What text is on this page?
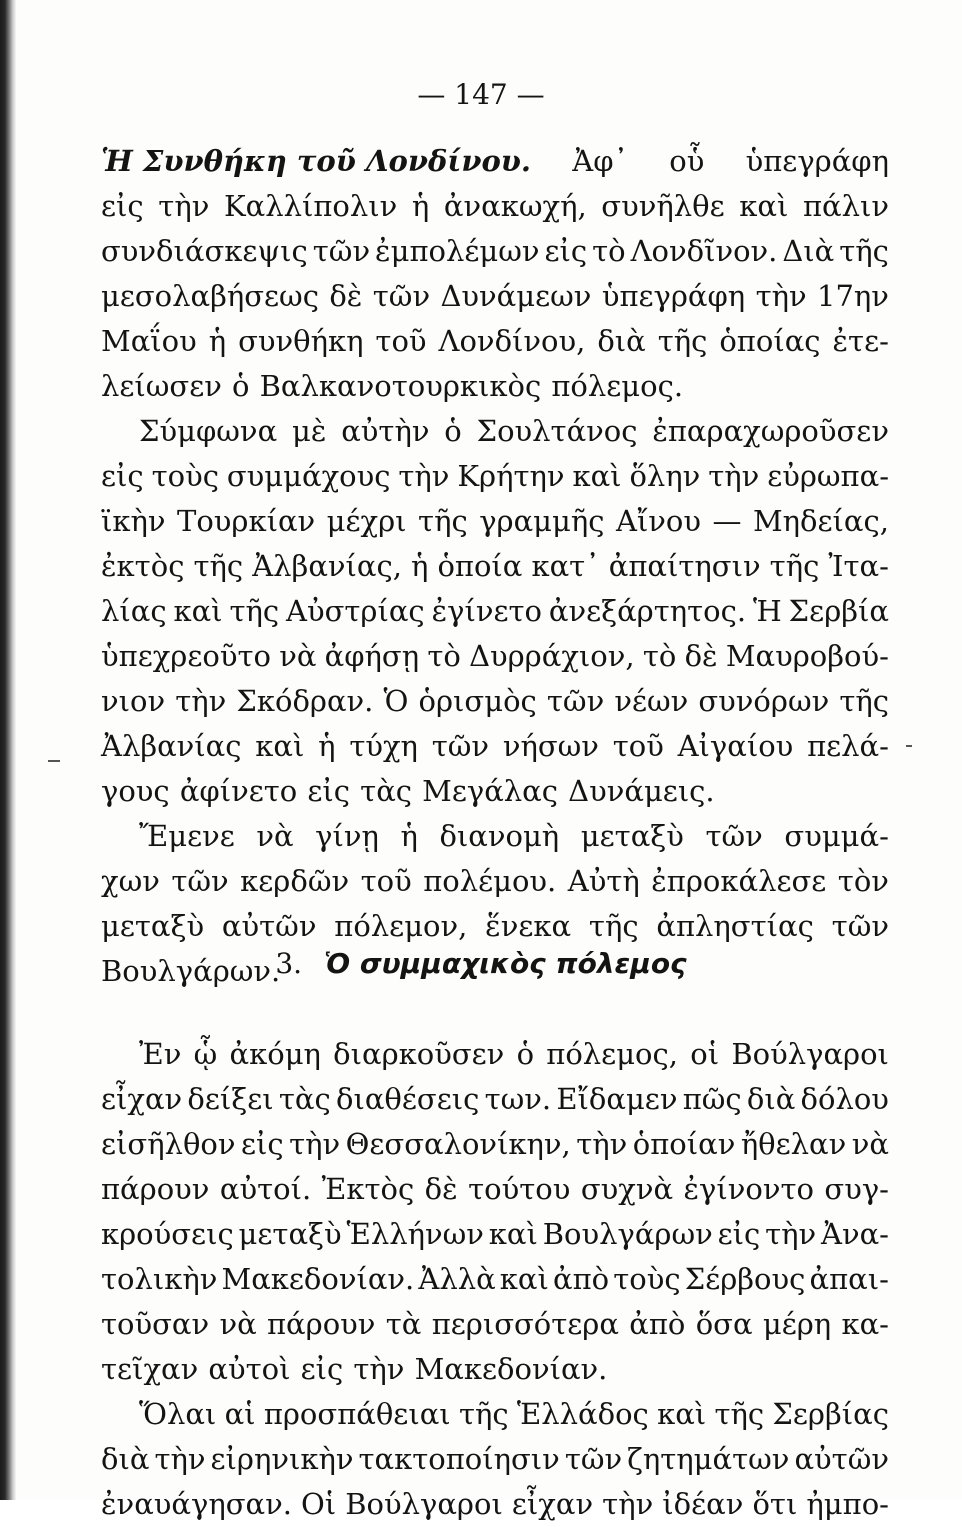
— 147 —
Ἡ Συνθήκη τοῦ Λονδίνου. Ἀφ᾽ οὗ ὑπεγράφη
εἰς τὴν Καλλίπολιν ἡ ἀνακωχή, συνῆλθε καὶ πάλιν
συνδιάσκεψις τῶν ἐμπολέμων εἰς τὸ Λονδῖνον. Διὰ τῆς
μεσολαβήσεως δὲ τῶν Δυνάμεων ὑπεγράφη τὴν 17ην
Μαΐου ἡ συνθήκη τοῦ Λονδίνου, διὰ τῆς ὁποίας ἐτε-
λείωσεν ὁ Βαλκανοτουρκικὸς πόλεμος.
Σύμφωνα μὲ αὐτὴν ὁ Σουλτάνος ἐπαραχωροῦσεν
εἰς τοὺς συμμάχους τὴν Κρήτην καὶ ὅλην τὴν εὐρωπα-
ϊκὴν Τουρκίαν μέχρι τῆς γραμμῆς Αἴνου — Μηδείας,
ἐκτὸς τῆς Ἀλβανίας, ἡ ὁποία κατ᾽ ἀπαίτησιν τῆς Ἰτα-
λίας καὶ τῆς Αὐστρίας ἐγίνετο ἀνεξάρτητος. Ἡ Σερβία
ὑπεχρεοῦτο νὰ ἀφήσῃ τὸ Δυρράχιον, τὸ δὲ Μαυροβού-
νιον τὴν Σκόδραν. Ὁ ὁρισμὸς τῶν νέων συνόρων τῆς
Ἀλβανίας καὶ ἡ τύχη τῶν νήσων τοῦ Αἰγαίου πελά-
γους ἀφίνετο εἰς τὰς Μεγάλας Δυνάμεις.
Ἔμενε νὰ γίνῃ ἡ διανομὴ μεταξὺ τῶν συμμά-
χων τῶν κερδῶν τοῦ πολέμου. Αὐτὴ ἐπροκάλεσε τὸν
μεταξὺ αὐτῶν πόλεμον, ἕνεκα τῆς ἀπληστίας τῶν
Βουλγάρων.
3. Ὁ συμμαχικὸς πόλεμος
Ἐν ᾧ ἀκόμη διαρκοῦσεν ὁ πόλεμος, οἱ Βούλγαροι
εἶχαν δείξει τὰς διαθέσεις των. Εἴδαμεν πῶς διὰ δόλου
εἰσῆλθον εἰς τὴν Θεσσαλονίκην, τὴν ὁποίαν ἤθελαν νὰ
πάρουν αὐτοί. Ἐκτὸς δὲ τούτου συχνὰ ἐγίνοντο συγ-
κρούσεις μεταξὺ Ἑλλήνων καὶ Βουλγάρων εἰς τὴν Ἀνα-
τολικὴν Μακεδονίαν. Ἀλλὰ καὶ ἀπὸ τοὺς Σέρβους ἀπαι-
τοῦσαν νὰ πάρουν τὰ περισσότερα ἀπὸ ὅσα μέρη κα-
τεῖχαν αὐτοὶ εἰς τὴν Μακεδονίαν.
Ὅλαι αἱ προσπάθειαι τῆς Ἑλλάδος καὶ τῆς Σερβίας
διὰ τὴν εἰρηνικὴν τακτοποίησιν τῶν ζητημάτων αὐτῶν
ἐναυάγησαν. Οἱ Βούλγαροι εἶχαν τὴν ἰδέαν ὅτι ἠμπο-
